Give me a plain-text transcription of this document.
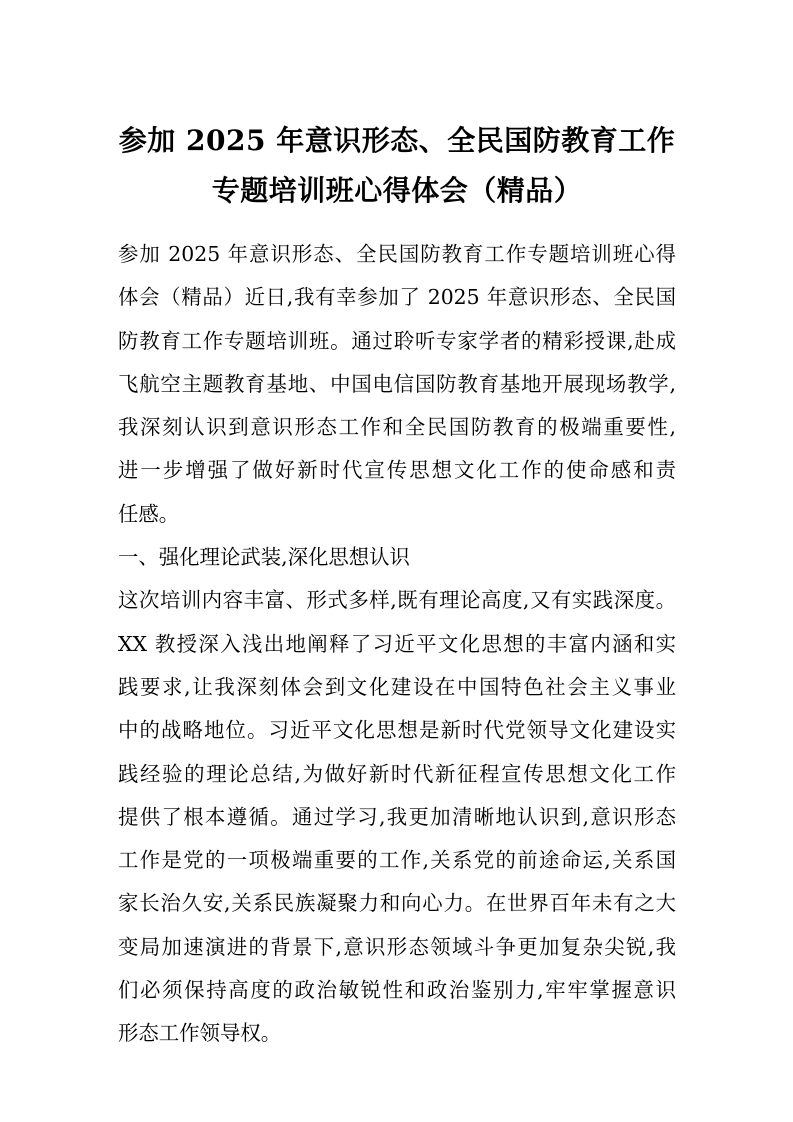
参加 2025 年意识形态、全民国防教育工作
专题培训班心得体会（精品）
参加 2025 年意识形态、全民国防教育工作专题培训班心得
体会（精品）近日,我有幸参加了 2025 年意识形态、全民国
防教育工作专题培训班。通过聆听专家学者的精彩授课,赴成
飞航空主题教育基地、中国电信国防教育基地开展现场教学,
我深刻认识到意识形态工作和全民国防教育的极端重要性,
进一步增强了做好新时代宣传思想文化工作的使命感和责
任感。
一、强化理论武装,深化思想认识
这次培训内容丰富、形式多样,既有理论高度,又有实践深度。
XX 教授深入浅出地阐释了习近平文化思想的丰富内涵和实
践要求,让我深刻体会到文化建设在中国特色社会主义事业
中的战略地位。习近平文化思想是新时代党领导文化建设实
践经验的理论总结,为做好新时代新征程宣传思想文化工作
提供了根本遵循。通过学习,我更加清晰地认识到,意识形态
工作是党的一项极端重要的工作,关系党的前途命运,关系国
家长治久安,关系民族凝聚力和向心力。在世界百年未有之大
变局加速演进的背景下,意识形态领域斗争更加复杂尖锐,我
们必须保持高度的政治敏锐性和政治鉴别力,牢牢掌握意识
形态工作领导权。
